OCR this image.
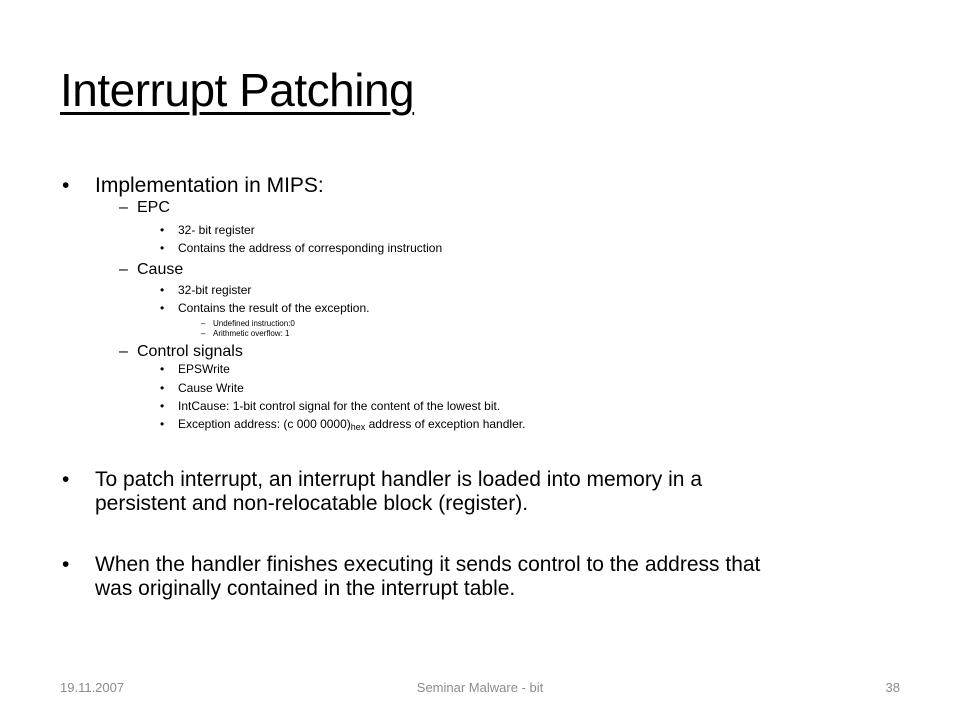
Interrupt Patching
• Implementation in MIPS:
– EPC
• 32- bit register
• Contains the address of corresponding instruction
– Cause
• 32-bit register
• Contains the result of the exception.
– Undefined instruction:0
– Arithmetic overflow: 1
– Control signals
• EPSWrite
• Cause Write
• IntCause: 1-bit control signal for the content of the lowest bit.
• Exception address: (c 000 $0000)_{hex}$ address of exception handler.
• To patch interrupt, an interrupt handler is loaded into memory in a
persistent and non-relocatable block (register).
• When the handler finishes executing it sends control to the address that
was originally contained in the interrupt table.
19.11.2007	Seminar Malware - bit	38
